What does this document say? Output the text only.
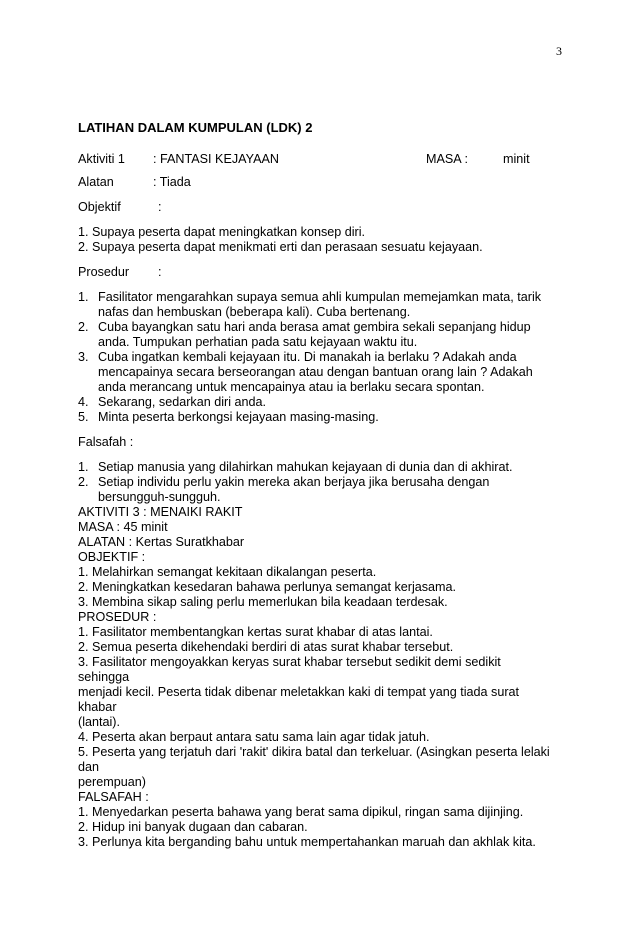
3
LATIHAN DALAM KUMPULAN (LDK) 2
Aktiviti 1 : FANTASI KEJAYAAN	MASA :	minit
Alatan	: Tiada
Objektif	:
1. Supaya peserta dapat meningkatkan konsep diri.
2. Supaya peserta dapat menikmati erti dan perasaan sesuatu kejayaan.
Prosedur :
1. Fasilitator mengarahkan supaya semua ahli kumpulan memejamkan mata, tarik
nafas dan hembuskan (beberapa kali). Cuba bertenang.
2. Cuba bayangkan satu hari anda berasa amat gembira sekali sepanjang hidup
anda. Tumpukan perhatian pada satu kejayaan waktu itu.
3. Cuba ingatkan kembali kejayaan itu. Di manakah ia berlaku ? Adakah anda
mencapainya secara berseorangan atau dengan bantuan orang lain ? Adakah
anda merancang untuk mencapainya atau ia berlaku secara spontan.
4. Sekarang, sedarkan diri anda.
5. Minta peserta berkongsi kejayaan masing-masing.
Falsafah :
1. Setiap manusia yang dilahirkan mahukan kejayaan di dunia dan di akhirat.
2. Setiap individu perlu yakin mereka akan berjaya jika berusaha dengan
bersungguh-sungguh.
AKTIVITI 3 : MENAIKI RAKIT
MASA : 45 minit
ALATAN : Kertas Suratkhabar
OBJEKTIF :
1. Melahirkan semangat kekitaan dikalangan peserta.
2. Meningkatkan kesedaran bahawa perlunya semangat kerjasama.
3. Membina sikap saling perlu memerlukan bila keadaan terdesak.
PROSEDUR :
1. Fasilitator membentangkan kertas surat khabar di atas lantai.
2. Semua peserta dikehendaki berdiri di atas surat khabar tersebut.
3. Fasilitator mengoyakkan keryas surat khabar tersebut sedikit demi sedikit
sehingga
menjadi kecil. Peserta tidak dibenar meletakkan kaki di tempat yang tiada surat
khabar
(lantai).
4. Peserta akan berpaut antara satu sama lain agar tidak jatuh.
5. Peserta yang terjatuh dari 'rakit' dikira batal dan terkeluar. (Asingkan peserta lelaki
dan
perempuan)
FALSAFAH :
1. Menyedarkan peserta bahawa yang berat sama dipikul, ringan sama dijinjing.
2. Hidup ini banyak dugaan dan cabaran.
3. Perlunya kita berganding bahu untuk mempertahankan maruah dan akhlak kita.
